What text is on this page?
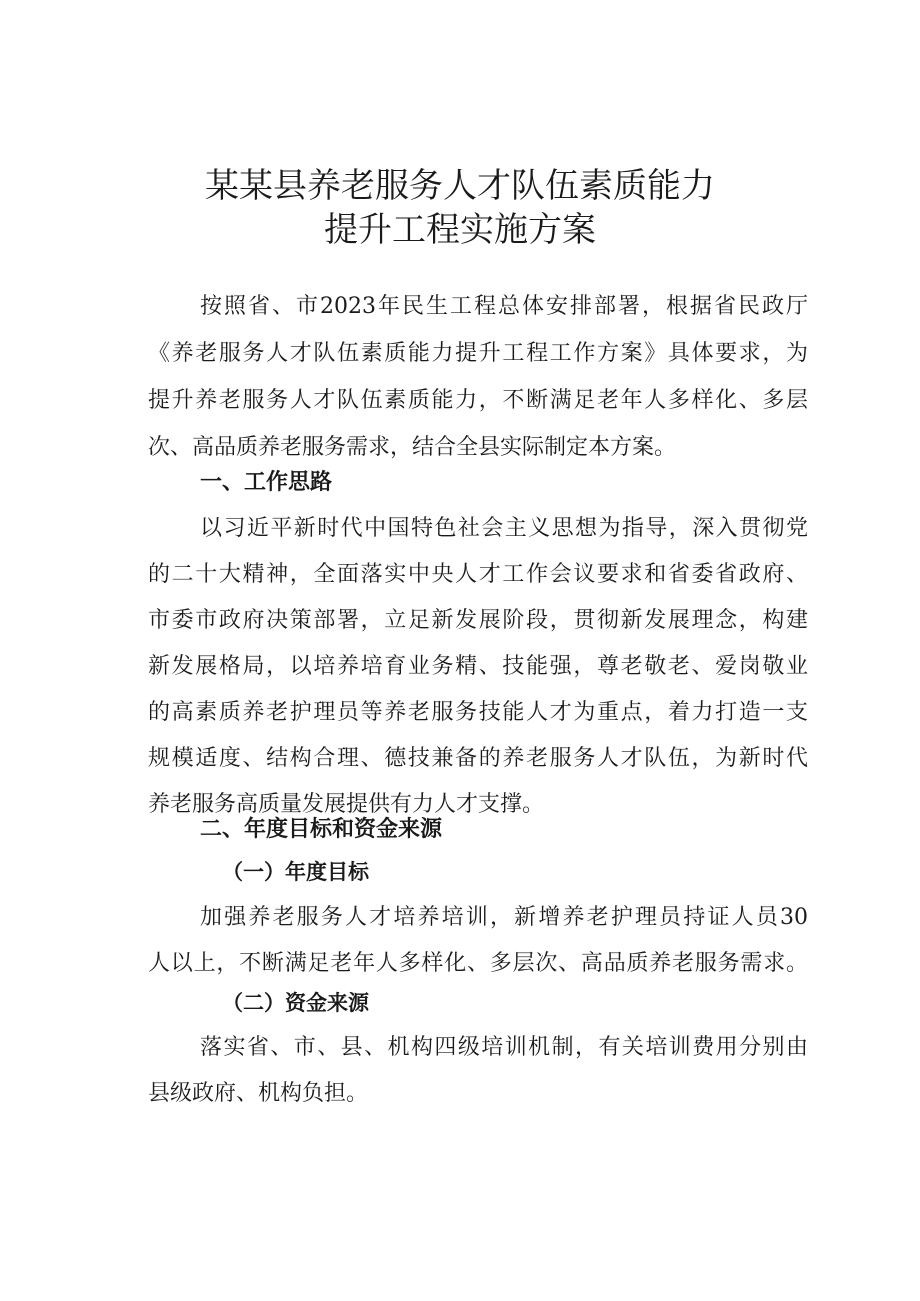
某某县养老服务人才队伍素质能力
提升工程实施方案
按照省、市2023年民生工程总体安排部署，根据省民政厅
《养老服务人才队伍素质能力提升工程工作方案》具体要求，为
提升养老服务人才队伍素质能力，不断满足老年人多样化、多层
次、高品质养老服务需求，结合全县实际制定本方案。
一、工作思路
以习近平新时代中国特色社会主义思想为指导，深入贯彻党
的二十大精神，全面落实中央人才工作会议要求和省委省政府、
市委市政府决策部署，立足新发展阶段，贯彻新发展理念，构建
新发展格局，以培养培育业务精、技能强，尊老敬老、爱岗敬业
的高素质养老护理员等养老服务技能人才为重点，着力打造一支
规模适度、结构合理、德技兼备的养老服务人才队伍，为新时代
养老服务高质量发展提供有力人才支撑。
二、年度目标和资金来源
（一）年度目标
加强养老服务人才培养培训，新增养老护理员持证人员30
人以上，不断满足老年人多样化、多层次、高品质养老服务需求。
（二）资金来源
落实省、市、县、机构四级培训机制，有关培训费用分别由
县级政府、机构负担。
